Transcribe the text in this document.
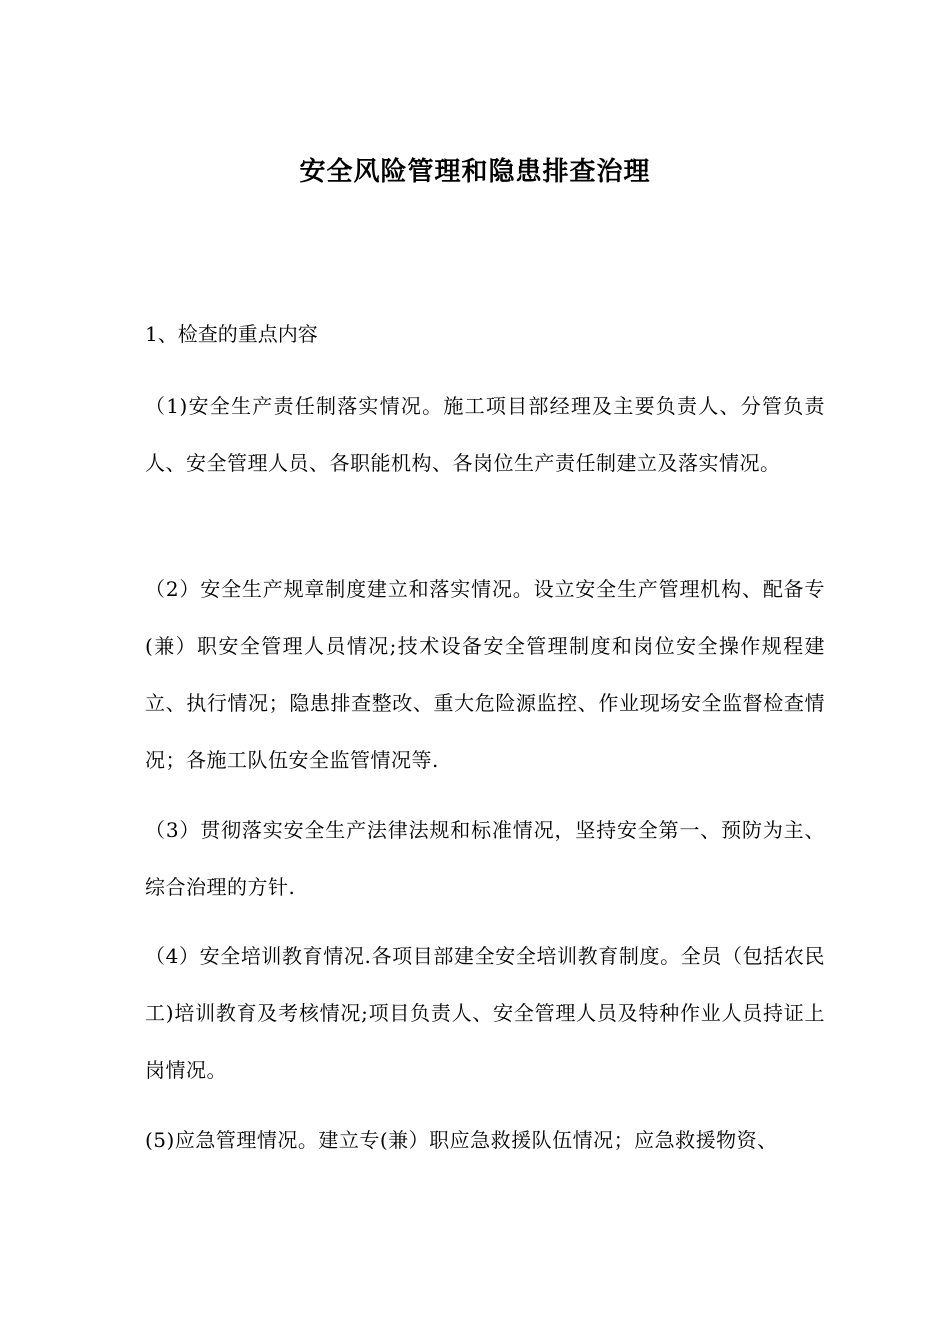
安全风险管理和隐患排查治理

1、检查的重点内容

（1)安全生产责任制落实情况。施工项目部经理及主要负责人、分管负责人、安全管理人员、各职能机构、各岗位生产责任制建立及落实情况。

（2）安全生产规章制度建立和落实情况。设立安全生产管理机构、配备专(兼）职安全管理人员情况;技术设备安全管理制度和岗位安全操作规程建立、执行情况；隐患排查整改、重大危险源监控、作业现场安全监督检查情况；各施工队伍安全监管情况等.

（3）贯彻落实安全生产法律法规和标准情况，坚持安全第一、预防为主、综合治理的方针.

（4）安全培训教育情况.各项目部建全安全培训教育制度。全员（包括农民工)培训教育及考核情况;项目负责人、安全管理人员及特种作业人员持证上岗情况。

(5)应急管理情况。建立专(兼）职应急救援队伍情况；应急救援物资、
